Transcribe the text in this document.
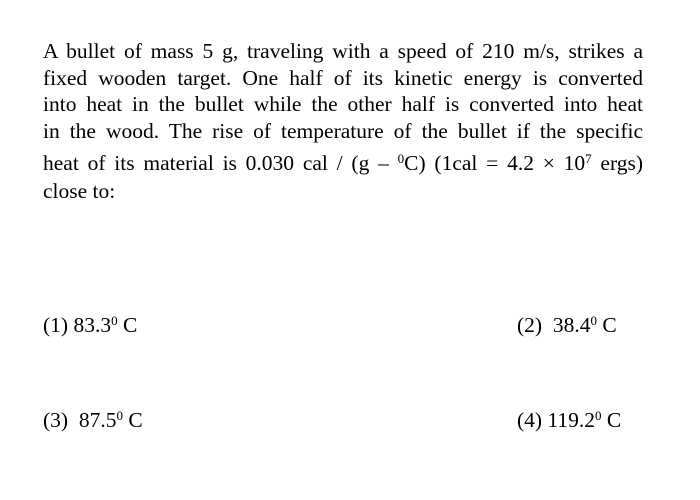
A bullet of mass 5 g, traveling with a speed of 210 m/s, strikes a
fixed wooden target. One half of its kinetic energy is converted
into heat in the bullet while the other half is converted into heat
in the wood. The rise of temperature of the bullet if the specific
heat of its material is 0.030 cal / (g – $^0$C) ($1cal = 4.2 \times 10^7$ ergs)
close to:
(1) 83.3$^0$ C	(2)  38.4$^0$ C
(3)  87.5$^0$ C	(4) 119.2$^0$ C
